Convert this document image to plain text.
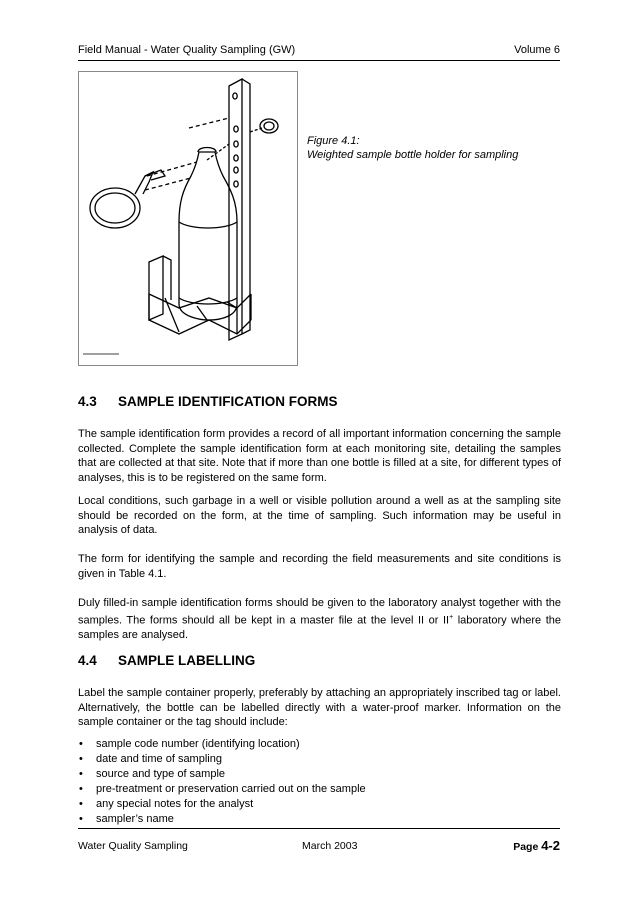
Field Manual - Water Quality Sampling (GW)	Volume 6
Figure 4.1:
Weighted sample bottle holder for sampling
4.3 SAMPLE IDENTIFICATION FORMS

The sample identification form provides a record of all important information concerning the sample collected. Complete the sample identification form at each monitoring site, detailing the samples that are collected at that site. Note that if more than one bottle is filled at a site, for different types of analyses, this is to be registered on the same form.

Local conditions, such garbage in a well or visible pollution around a well as at the sampling site should be recorded on the form, at the time of sampling. Such information may be useful in analysis of data.

The form for identifying the sample and recording the field measurements and site conditions is given in Table 4.1.

Duly filled-in sample identification forms should be given to the laboratory analyst together with the samples. The forms should all be kept in a master file at the level II or II+ laboratory where the samples are analysed.

4.4 SAMPLE LABELLING

Label the sample container properly, preferably by attaching an appropriately inscribed tag or label. Alternatively, the bottle can be labelled directly with a water-proof marker. Information on the sample container or the tag should include:

• sample code number (identifying location)
• date and time of sampling
• source and type of sample
• pre-treatment or preservation carried out on the sample
• any special notes for the analyst
• sampler’s name
Water Quality Sampling	March 2003	Page 4-2
